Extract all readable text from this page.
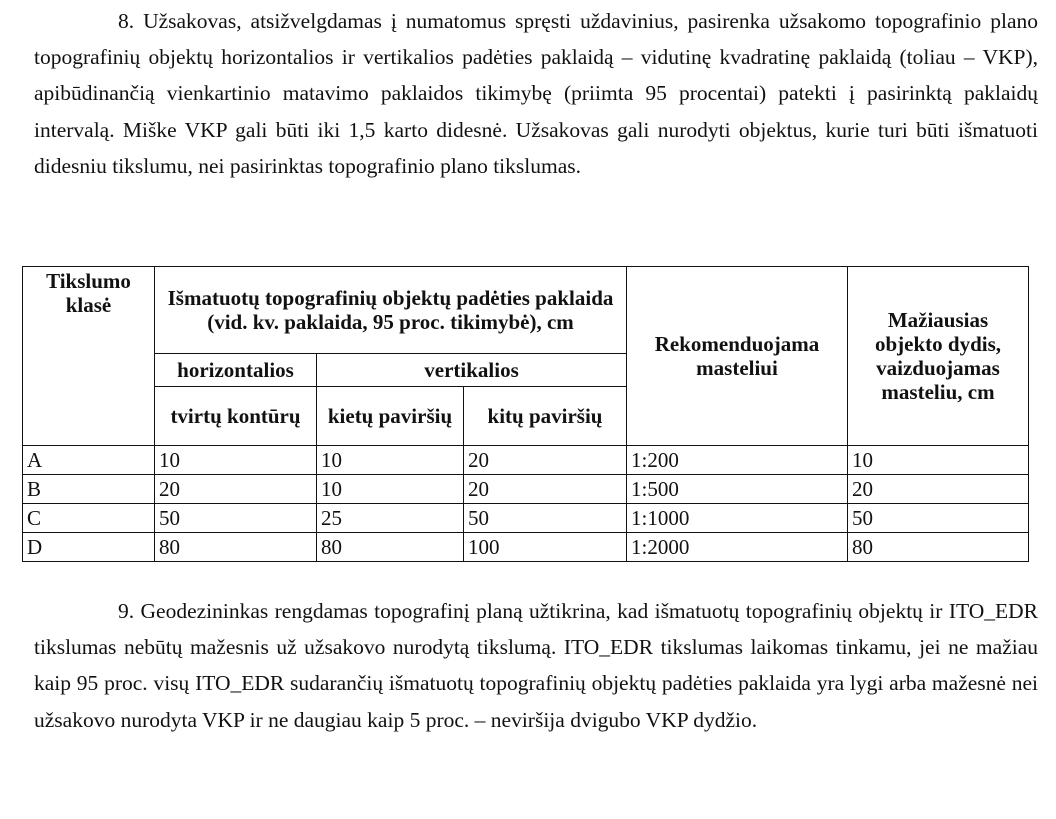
8. Užsakovas, atsižvelgdamas į numatomus spręsti uždavinius, pasirenka užsakomo topografinio plano topografinių objektų horizontalios ir vertikalios padėties paklaidą – vidutinę kvadratinę paklaidą (toliau – VKP), apibūdinančią vienkartinio matavimo paklaidos tikimybę (priimta 95 procentai) patekti į pasirinktą paklaidų intervalą. Miške VKP gali būti iki 1,5 karto didesnė. Užsakovas gali nurodyti objektus, kurie turi būti išmatuoti didesniu tikslumu, nei pasirinktas topografinio plano tikslumas.

Tikslumo klasė	Išmatuotų topografinių objektų padėties paklaida (vid. kv. paklaida, 95 proc. tikimybė), cm			Rekomenduojama masteliui	Mažiausias objekto dydis, vaizduojamas masteliu, cm
	horizontalios	vertikalios			
	tvirtų kontūrų	kietų paviršių	kitų paviršių		
A	10	10	20	1:200	10
B	20	10	20	1:500	20
C	50	25	50	1:1000	50
D	80	80	100	1:2000	80

9. Geodezininkas rengdamas topografinį planą užtikrina, kad išmatuotų topografinių objektų ir ITO_EDR tikslumas nebūtų mažesnis už užsakovo nurodytą tikslumą. ITO_EDR tikslumas laikomas tinkamu, jei ne mažiau kaip 95 proc. visų ITO_EDR sudarančių išmatuotų topografinių objektų padėties paklaida yra lygi arba mažesnė nei užsakovo nurodyta VKP ir ne daugiau kaip 5 proc. – neviršija dvigubo VKP dydžio.
